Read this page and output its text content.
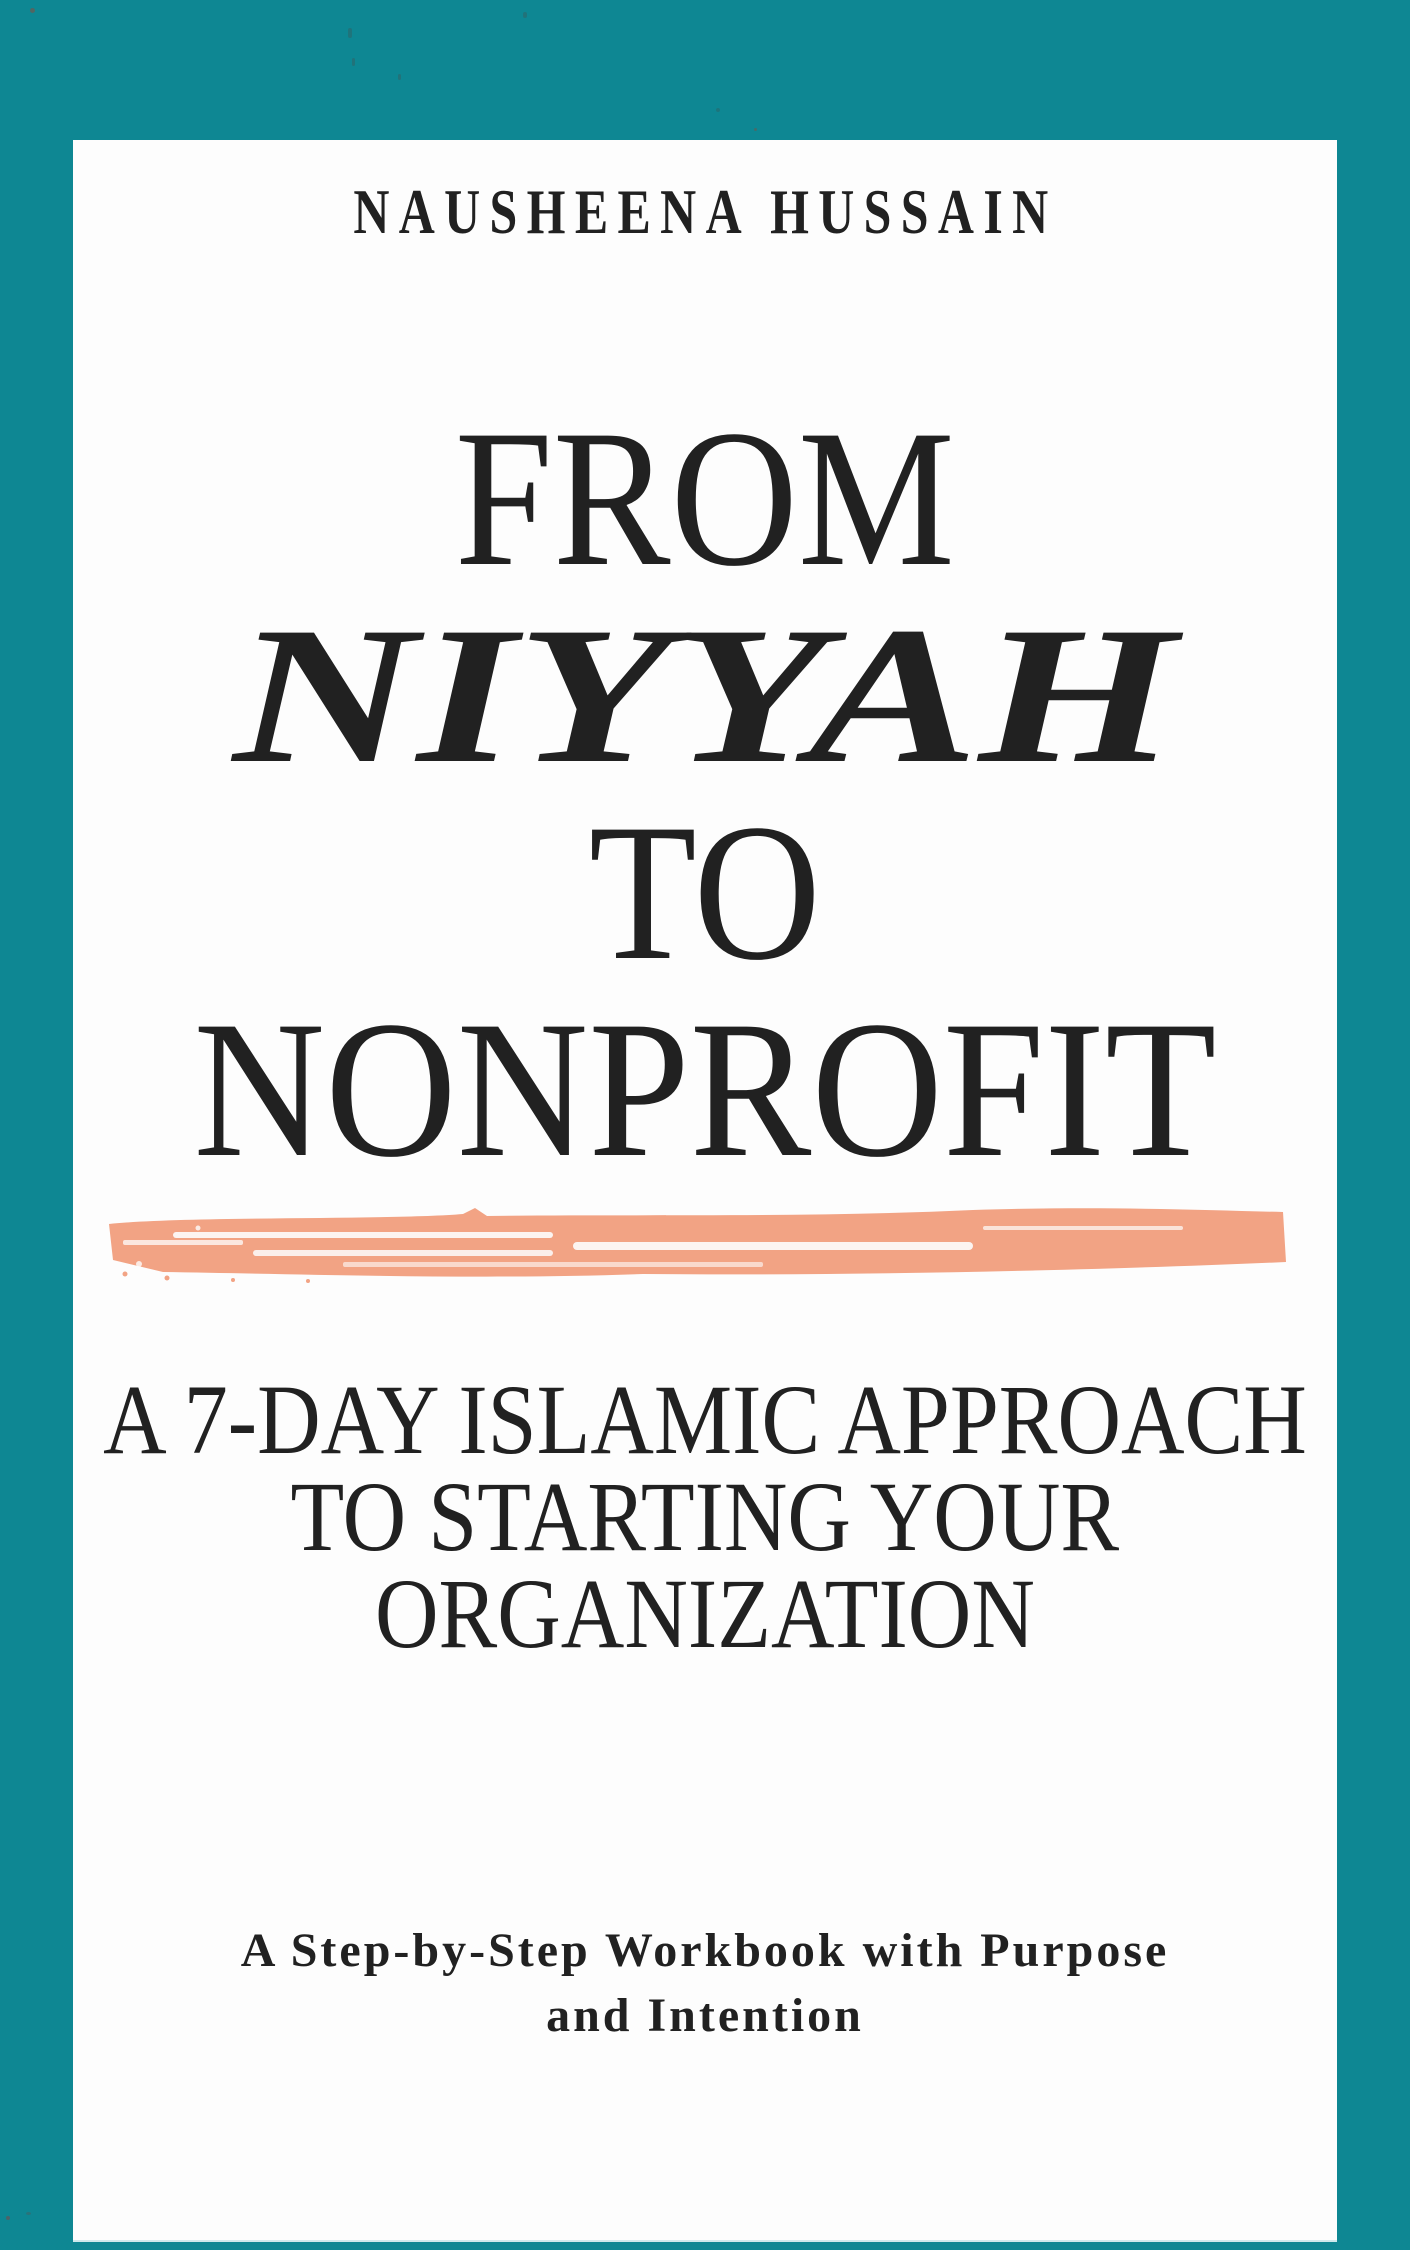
NAUSHEENA HUSSAIN
FROM
NIYYAH
TO
NONPROFIT
A 7-DAY ISLAMIC APPROACH
TO STARTING YOUR
ORGANIZATION
A Step-by-Step Workbook with Purpose
and Intention
